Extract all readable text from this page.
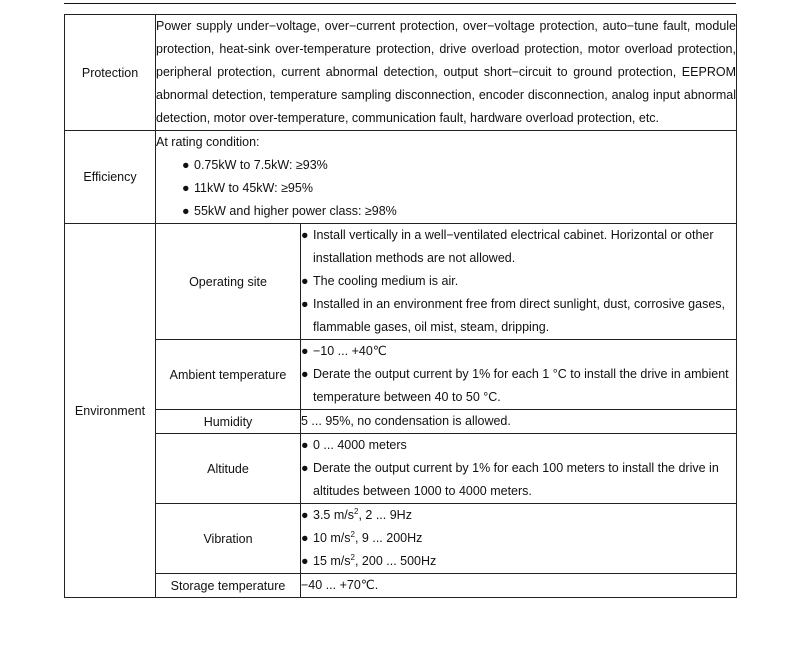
Protection	Power supply under−voltage, over−current protection, over−voltage protection, auto−tune fault, module
protection, heat-sink over-temperature protection, drive overload protection, motor overload protection,
peripheral protection, current abnormal detection, output short−circuit to ground protection, EEPROM
abnormal detection, temperature sampling disconnection, encoder disconnection, analog input abnormal
detection, motor over-temperature, communication fault, hardware overload protection, etc.	

Efficiency	At rating condition:
● 0.75kW to 7.5kW: ≥93%
● 11kW to 45kW: ≥95%
● 55kW and higher power class: ≥98%	

Environment	Operating site	● Install vertically in a well−ventilated electrical cabinet. Horizontal or other
installation methods are not allowed.
● The cooling medium is air.
● Installed in an environment free from direct sunlight, dust, corrosive gases,
flammable gases, oil mist, steam, dripping.

	Ambient temperature	● −10 ... +40℃
● Derate the output current by 1% for each 1 °C to install the drive in ambient
temperature between 40 to 50 °C.

	Humidity	5 ... 95%, no condensation is allowed.

	Altitude	● 0 ... 4000 meters
● Derate the output current by 1% for each 100 meters to install the drive in
altitudes between 1000 to 4000 meters.

	Vibration	● 3.5 $m/s^2$, 2 ... 9Hz
● 10 $m/s^2$, 9 ... 200Hz
● 15 $m/s^2$, 200 ... 500Hz

	Storage temperature	−40 ... +70℃.
